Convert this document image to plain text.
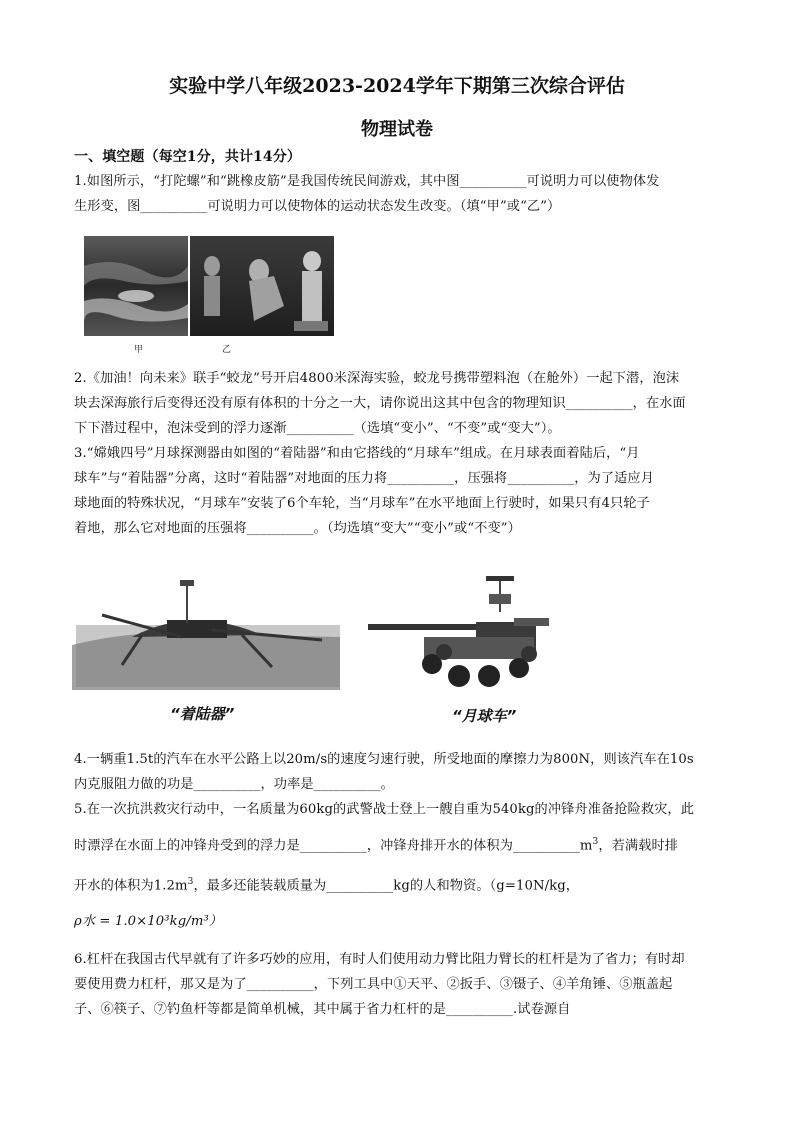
实验中学八年级2023-2024学年下期第三次综合评估
物理试卷
一、填空题（每空1分，共计14分）
1.如图所示，“打陀螺”和“跳橡皮筋”是我国传统民间游戏，其中图__________可说明力可以使物体发
生形变，图__________可说明力可以使物体的运动状态发生改变。（填“甲”或“乙”）
甲	乙
2.《加油！向未来》联手“蛟龙”号开启4800米深海实验，蛟龙号携带塑料泡（在舱外）一起下潜，泡沫
块去深海旅行后变得还没有原有体积的十分之一大，请你说出这其中包含的物理知识__________，在水面
下下潜过程中，泡沫受到的浮力逐渐__________（选填“变小”、“不变”或“变大”）。
3.“嫦娥四号”月球探测器由如图的“着陆器”和由它搭线的“月球车”组成。在月球表面着陆后，“月
球车”与“着陆器”分离，这时“着陆器”对地面的压力将__________，压强将__________，为了适应月
球地面的特殊状况，“月球车”安装了6个车轮，当“月球车”在水平地面上行驶时，如果只有4只轮子
着地，那么它对地面的压强将__________。（均选填“变大”“变小”或“不变”）
“着陆器”	“月球车”
4.一辆重1.5t的汽车在水平公路上以20m/s的速度匀速行驶，所受地面的摩擦力为800N，则该汽车在10s
内克服阻力做的功是__________，功率是__________。
5.在一次抗洪救灾行动中，一名质量为60kg的武警战士登上一艘自重为540kg的冲锋舟准备抢险救灾，此
时漂浮在水面上的冲锋舟受到的浮力是__________，冲锋舟排开水的体积为$\_\_\_\_\_\_\_\_\_\_m^3$，若满载时排
开水的体积为$1.2m^3$，最多还能装载质量为__________kg的人和物资。（g=10N/kg，
ρ水 = 1.0×10³kg/m³）
6.杠杆在我国古代早就有了许多巧妙的应用，有时人们使用动力臂比阻力臂长的杠杆是为了省力；有时却
要使用费力杠杆，那又是为了__________，下列工具中①天平、②扳手、③镊子、④羊角锤、⑤瓶盖起
子、⑥筷子、⑦钓鱼杆等都是简单机械，其中属于省力杠杆的是__________.试卷源自
